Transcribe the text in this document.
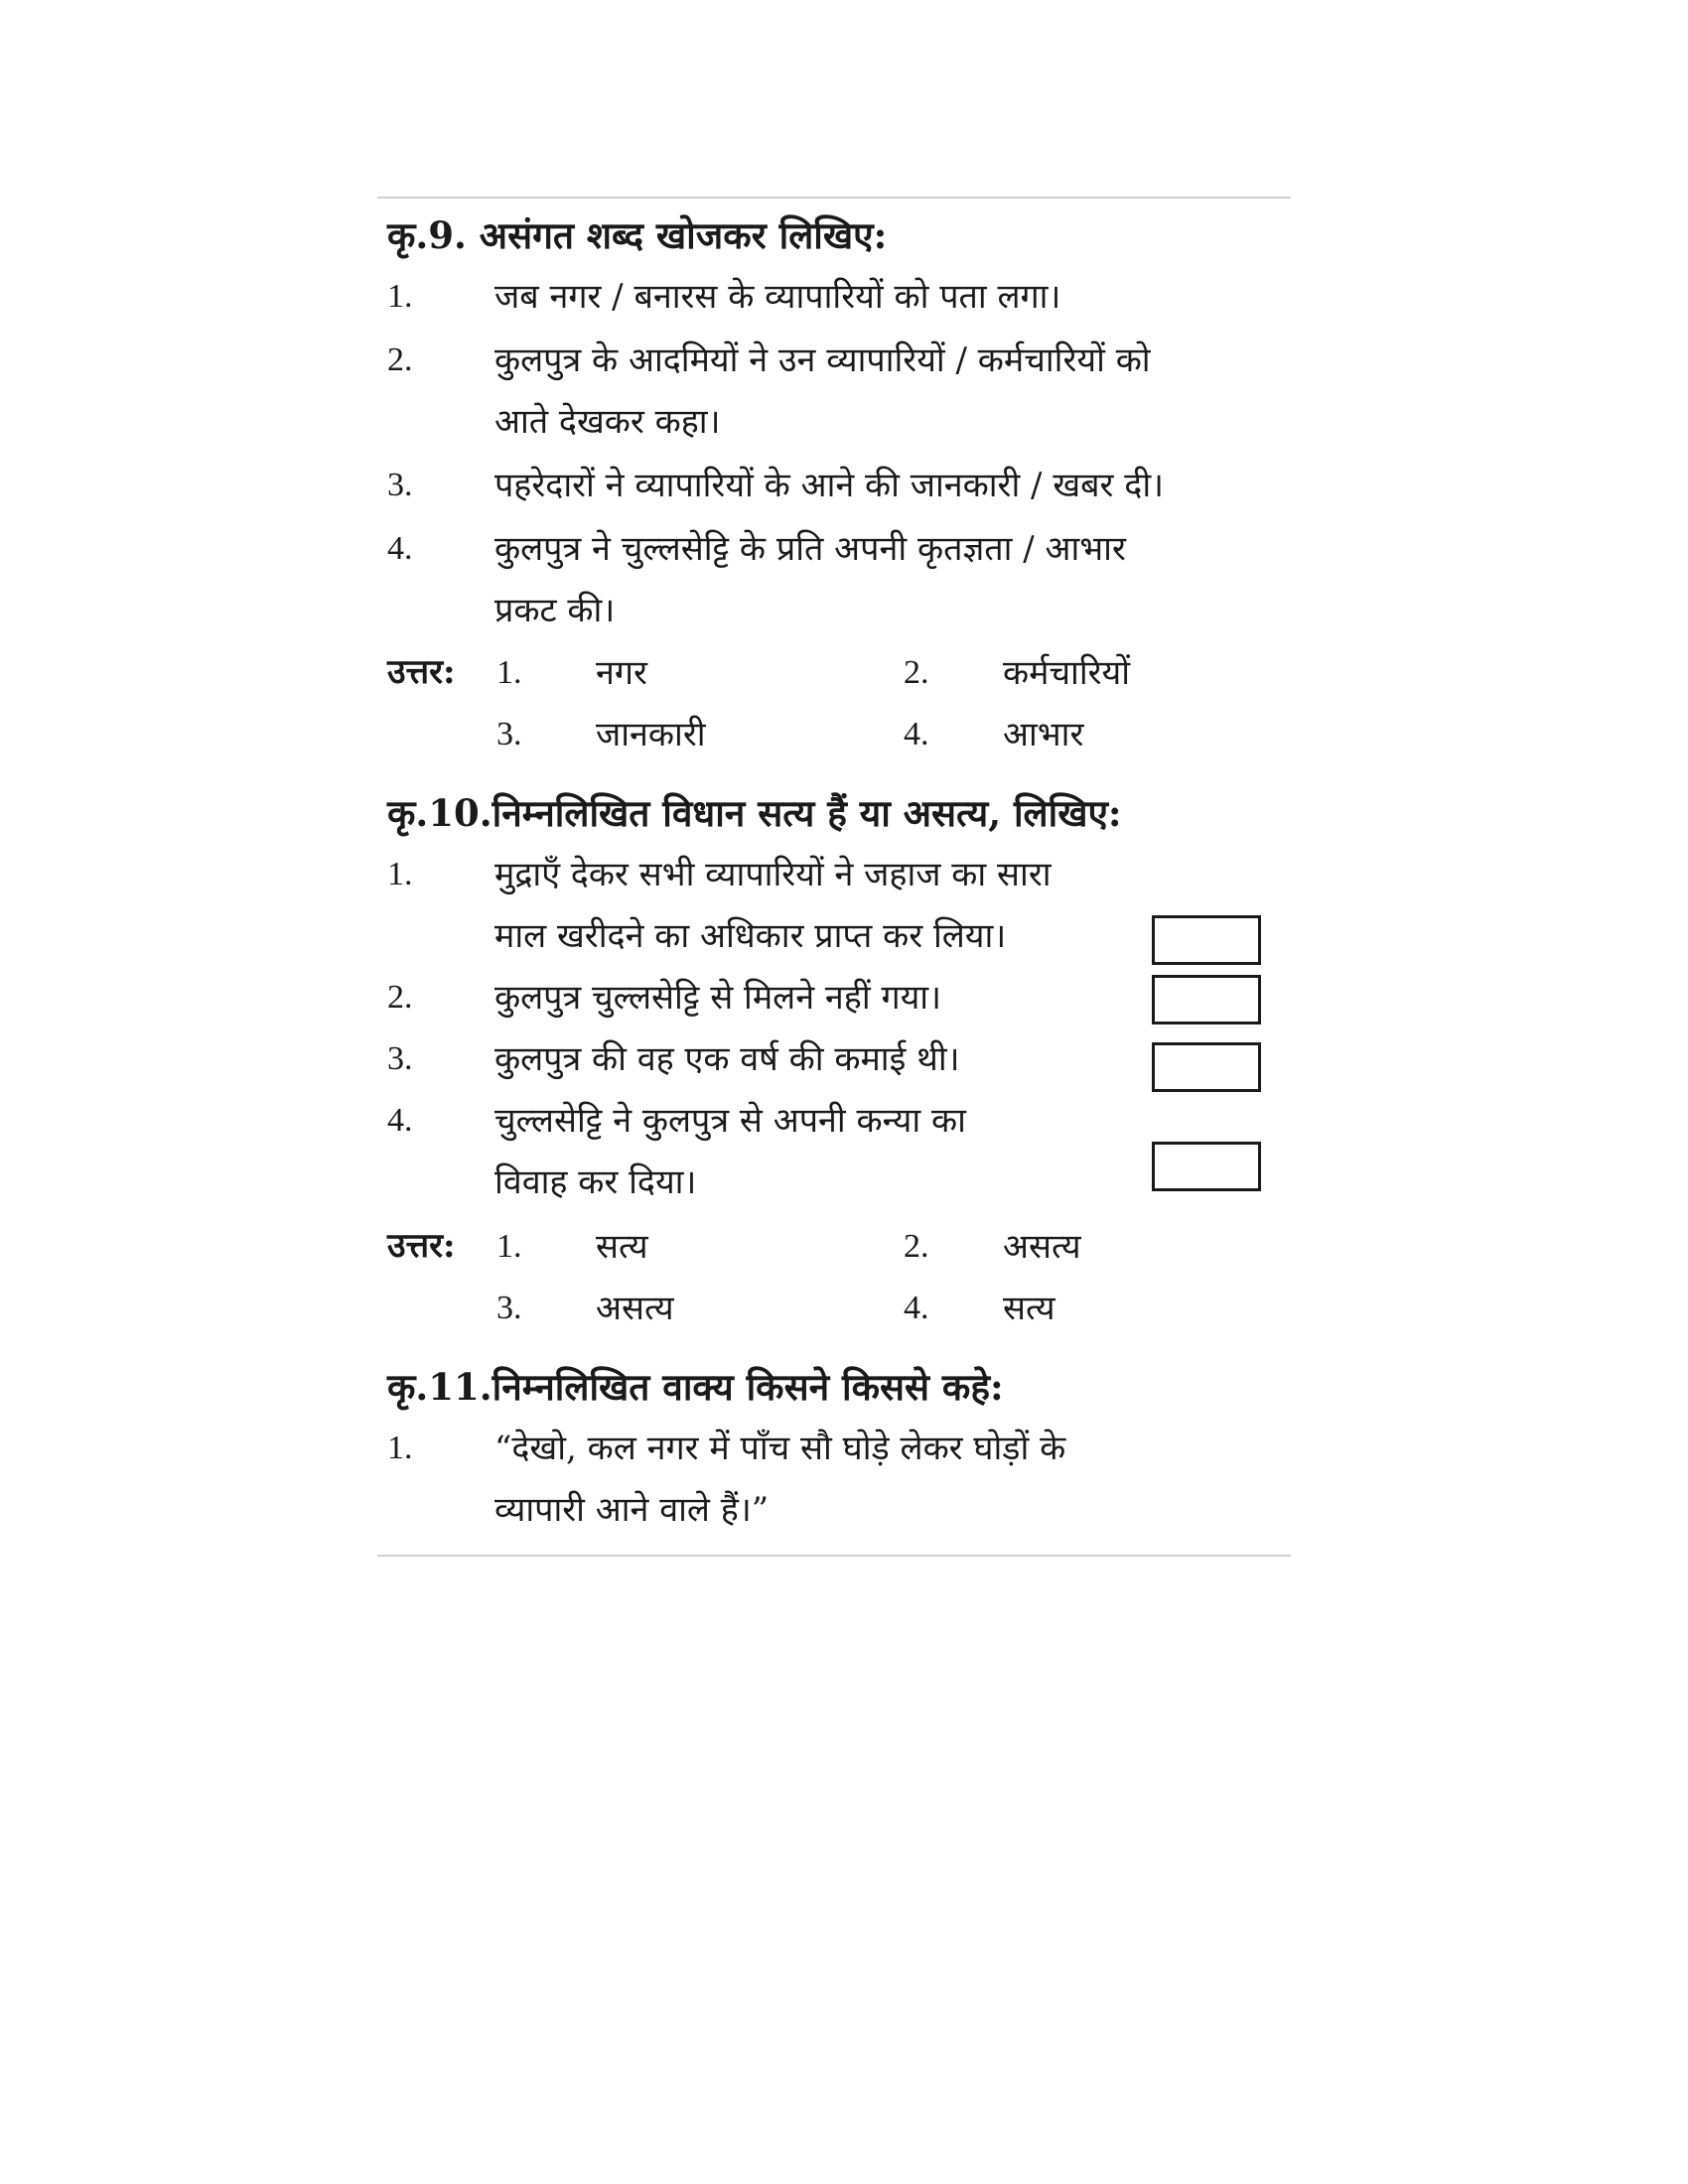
कृ.9. असंगत शब्द खोजकर लिखिए:
1.	जब नगर / बनारस के व्यापारियों को पता लगा।
2.	कुलपुत्र के आदमियों ने उन व्यापारियों / कर्मचारियों को
आते देखकर कहा।
3.	पहरेदारों ने व्यापारियों के आने की जानकारी / खबर दी।
4.	कुलपुत्र ने चुल्लसेट्टि के प्रति अपनी कृतज्ञता / आभार
प्रकट की।
उत्तर: 1.	नगर	2.	कर्मचारियों
3.	जानकारी	4.	आभार
कृ.10.निम्नलिखित विधान सत्य हैं या असत्य, लिखिए:
1.	मुद्राएँ देकर सभी व्यापारियों ने जहाज का सारा
माल खरीदने का अधिकार प्राप्त कर लिया।
2.	कुलपुत्र चुल्लसेट्टि से मिलने नहीं गया।
3.	कुलपुत्र की वह एक वर्ष की कमाई थी।
4.	चुल्लसेट्टि ने कुलपुत्र से अपनी कन्या का
विवाह कर दिया।
उत्तर: 1.	सत्य	2.	असत्य
3.	असत्य	4.	सत्य
कृ.11.निम्नलिखित वाक्य किसने किससे कहे:
1.	“देखो, कल नगर में पाँच सौ घोड़े लेकर घोड़ों के
व्यापारी आने वाले हैं।”
